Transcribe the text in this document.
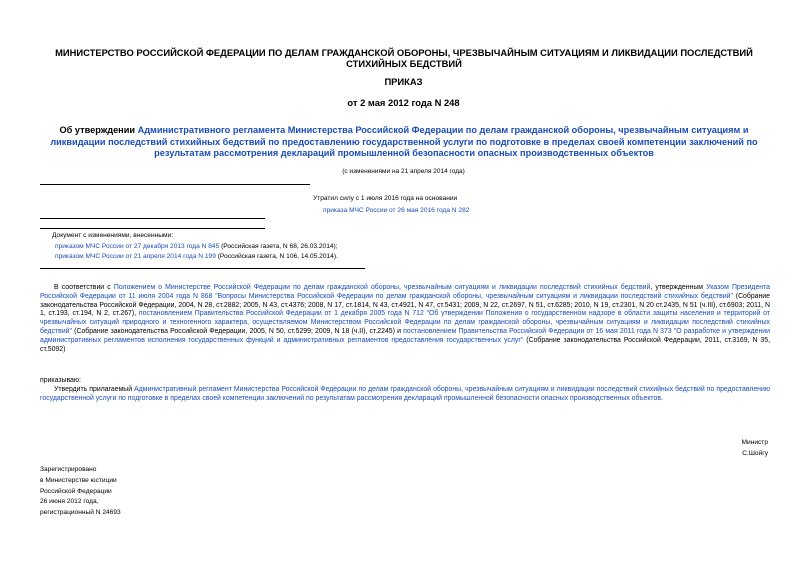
МИНИСТЕРСТВО РОССИЙСКОЙ ФЕДЕРАЦИИ ПО ДЕЛАМ ГРАЖДАНСКОЙ ОБОРОНЫ, ЧРЕЗВЫЧАЙНЫМ СИТУАЦИЯМ И ЛИКВИДАЦИИ ПОСЛЕДСТВИЙ СТИХИЙНЫХ БЕДСТВИЙ
ПРИКАЗ
от 2 мая 2012 года N 248
Об утверждении Административного регламента Министерства Российской Федерации по делам гражданской обороны, чрезвычайным ситуациям и ликвидации последствий стихийных бедствий по предоставлению государственной услуги по подготовке в пределах своей компетенции заключений по результатам рассмотрения деклараций промышленной безопасности опасных производственных объектов
(с изменениями на 21 апреля 2014 года)
Утратил силу с 1 июля 2016 года на основании
приказа МЧС России от 26 мая 2016 года N 282
Документ с изменениями, внесенными:
приказом МЧС России от 27 декабря 2013 года N 845 (Российская газета, N 68, 26.03.2014);
приказом МЧС России от 21 апреля 2014 года N 199 (Российская газета, N 106, 14.05.2014).
В соответствии с Положением о Министерстве Российской Федерации по делам гражданской обороны, чрезвычайным ситуациям и ликвидации последствий стихийных бедствий, утвержденным Указом Президента Российской Федерации от 11 июля 2004 года N 868 "Вопросы Министерства Российской Федерации по делам гражданской обороны, чрезвычайным ситуациям и ликвидации последствий стихийных бедствий" (Собрание законодательства Российской Федерации, 2004, N 28, ст.2882; 2005, N 43, ст.4376; 2008, N 17, ст.1814, N 43, ст.4921, N 47, ст.5431; 2009, N 22, ст.2697, N 51, ст.6285; 2010, N 19, ст.2301, N 20 ст.2435, N 51 (ч.III), ст.6903; 2011, N 1, ст.193, ст.194, N 2, ст.267), постановлением Правительства Российской Федерации от 1 декабря 2005 года N 712 "Об утверждении Положения о государственном надзоре в области защиты населения и территорий от чрезвычайных ситуаций природного и техногенного характера, осуществляемом Министерством Российской Федерации по делам гражданской обороны, чрезвычайным ситуациям и ликвидации последствий стихийных бедствий" (Собрание законодательства Российской Федерации, 2005, N 50, ст.5299; 2009, N 18 (ч.II), ст.2245) и постановлением Правительства Российской Федерации от 16 мая 2011 года N 373 "О разработке и утверждении административных регламентов исполнения государственных функций и административных регламентов предоставления государственных услуг" (Собрание законодательства Российской Федерации, 2011, ст.3169, N 35, ст.5092)
приказываю:
Утвердить прилагаемый Административный регламент Министерства Российской Федерации по делам гражданской обороны, чрезвычайным ситуациям и ликвидации последствий стихийных бедствий по предоставлению государственной услуги по подготовке в пределах своей компетенции заключений по результатам рассмотрения деклараций промышленной безопасности опасных производственных объектов.
Министр
С.Шойгу
Зарегистрировано
в Министерстве юстиции
Российской Федерации
26 июня 2012 года,
регистрационный N 24693
